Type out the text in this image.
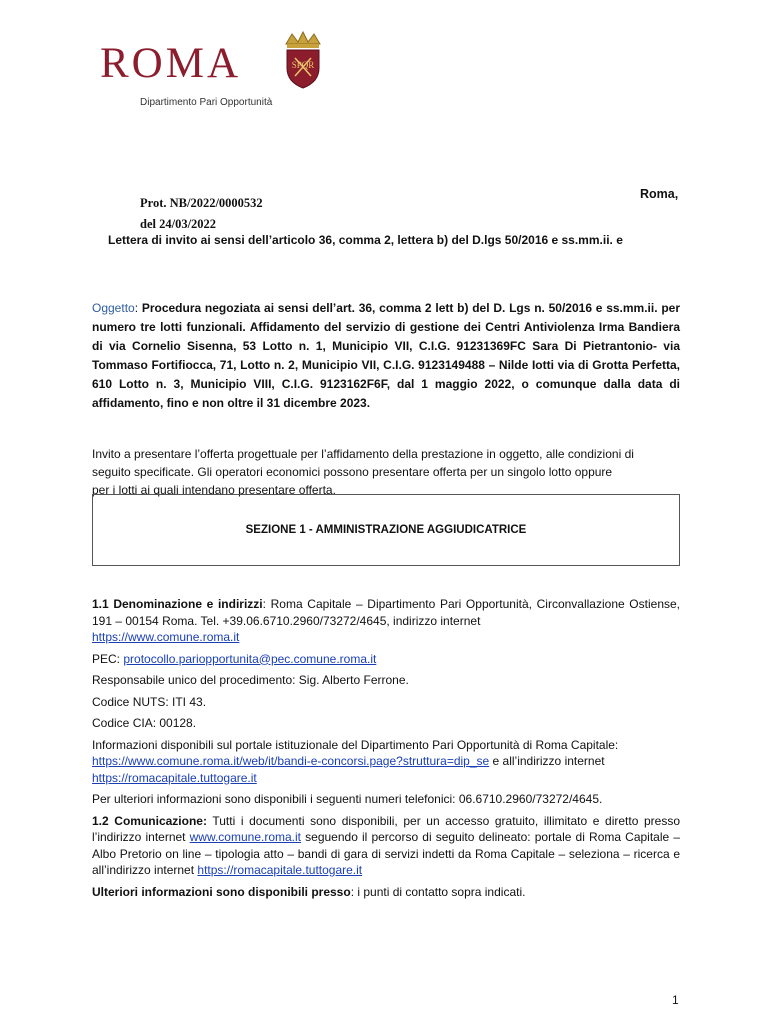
ROMA	SPQR
Dipartimento Pari Opportunità
Roma,
Prot. NB/2022/0000532
del 24/03/2022
Lettera di invito ai sensi dell’articolo 36, comma 2, lettera b) del D.lgs 50/2016 e ss.mm.ii. e
Oggetto: Procedura negoziata ai sensi dell’art. 36, comma 2 lett b) del D. Lgs n. 50/2016 e ss.mm.ii. per numero tre lotti funzionali. Affidamento del servizio di gestione dei Centri Antiviolenza Irma Bandiera di via Cornelio Sisenna, 53 Lotto n. 1, Municipio VII, C.I.G. 91231369FC Sara Di Pietrantonio- via Tommaso Fortifiocca, 71, Lotto n. 2, Municipio VII, C.I.G. 9123149488 – Nilde Iotti via di Grotta Perfetta, 610 Lotto n. 3, Municipio VIII, C.I.G. 9123162F6F, dal 1 maggio 2022, o comunque dalla data di affidamento, fino e non oltre il 31 dicembre 2023.
Invito a presentare l’offerta progettuale per l’affidamento della prestazione in oggetto, alle condizioni di
seguito specificate. Gli operatori economici possono presentare offerta per un singolo lotto oppure
per i lotti ai quali intendano presentare offerta.
SEZIONE 1 - AMMINISTRAZIONE AGGIUDICATRICE

1.1 Denominazione e indirizzi: Roma Capitale – Dipartimento Pari Opportunità, Circonvallazione Ostiense, 191 – 00154 Roma. Tel. +39.06.6710.2960/73272/4645, indirizzo internet
https://www.comune.roma.it

PEC: protocollo.pariopportunita@pec.comune.roma.it

Responsabile unico del procedimento: Sig. Alberto Ferrone.

Codice NUTS: ITI 43.

Codice CIA: 00128.

Informazioni disponibili sul portale istituzionale del Dipartimento Pari Opportunità di Roma Capitale:
https://www.comune.roma.it/web/it/bandi-e-concorsi.page?struttura=dip_se e all’indirizzo internet
https://romacapitale.tuttogare.it

Per ulteriori informazioni sono disponibili i seguenti numeri telefonici: 06.6710.2960/73272/4645.

1.2 Comunicazione: Tutti i documenti sono disponibili, per un accesso gratuito, illimitato e diretto presso l’indirizzo internet www.comune.roma.it seguendo il percorso di seguito delineato: portale di Roma Capitale – Albo Pretorio on line – tipologia atto – bandi di gara di servizi indetti da Roma Capitale – seleziona – ricerca e all’indirizzo internet https://romacapitale.tuttogare.it

Ulteriori informazioni sono disponibili presso: i punti di contatto sopra indicati.

1
